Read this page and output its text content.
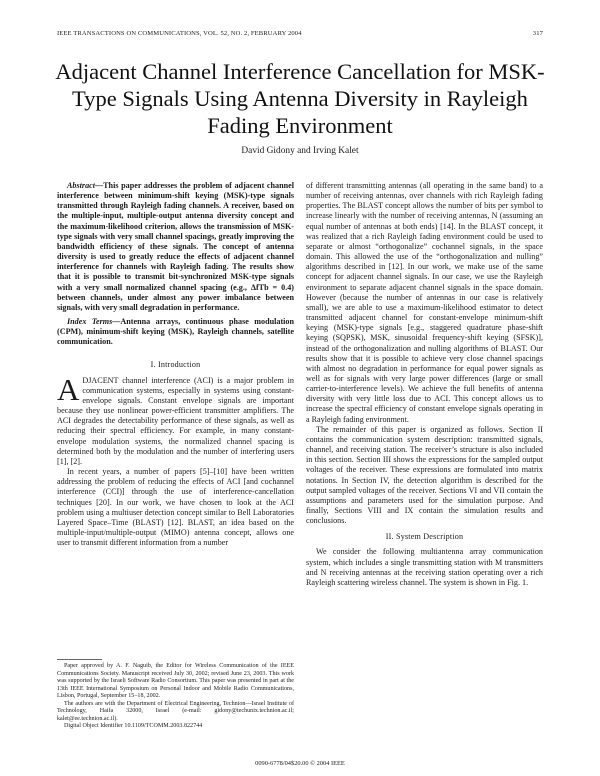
IEEE TRANSACTIONS ON COMMUNICATIONS, VOL. 52, NO. 2, FEBRUARY 2004	317
Adjacent Channel Interference Cancellation for MSK-Type Signals Using Antenna Diversity in Rayleigh Fading Environment
David Gidony and Irving Kalet

Abstract—This paper addresses the problem of adjacent channel interference between minimum-shift keying (MSK)-type signals transmitted through Rayleigh fading channels. A receiver, based on the multiple-input, multiple-output antenna diversity concept and the maximum-likelihood criterion, allows the transmission of MSK-type signals with very small channel spacings, greatly improving the bandwidth efficiency of these signals. The concept of antenna diversity is used to greatly reduce the effects of adjacent channel interference for channels with Rayleigh fading. The results show that it is possible to transmit bit-synchronized MSK-type signals with a very small normalized channel spacing (e.g., ΔfTb = 0.4) between channels, under almost any power imbalance between signals, with very small degradation in performance.

Index Terms—Antenna arrays, continuous phase modulation (CPM), minimum-shift keying (MSK), Rayleigh channels, satellite communication.

I. Introduction

ADJACENT channel interference (ACI) is a major problem in communication systems, especially in systems using constant-envelope signals. Constant envelope signals are important because they use nonlinear power-efficient transmitter amplifiers. The ACI degrades the detectability performance of these signals, as well as reducing their spectral efficiency. For example, in many constant-envelope modulation systems, the normalized channel spacing is determined both by the modulation and the number of interfering users [1], [2].

In recent years, a number of papers [5]–[10] have been written addressing the problem of reducing the effects of ACI [and cochannel interference (CCI)] through the use of interference-cancellation techniques [20]. In our work, we have chosen to look at the ACI problem using a multiuser detection concept similar to Bell Laboratories Layered Space–Time (BLAST) [12]. BLAST, an idea based on the multiple-input/multiple-output (MIMO) antenna concept, allows one user to transmit different information from a number

Paper approved by A. F. Naguib, the Editor for Wireless Communication of the IEEE Communications Society. Manuscript received July 30, 2002; revised June 23, 2003. This work was supported by the Israeli Software Radio Consortium. This paper was presented in part at the 13th IEEE International Symposium on Personal Indoor and Mobile Radio Communications, Lisbon, Portugal, September 15–18, 2002.

The authors are with the Department of Electrical Engineering, Technion—Israel Institute of Technology, Haifa 32000, Israel (e-mail: gidony@techunix.technion.ac.il; kalet@ee.technion.ac.il).

Digital Object Identifier 10.1109/TCOMM.2003.822744

of different transmitting antennas (all operating in the same band) to a number of receiving antennas, over channels with rich Rayleigh fading properties. The BLAST concept allows the number of bits per symbol to increase linearly with the number of receiving antennas, N (assuming an equal number of antennas at both ends) [14]. In the BLAST concept, it was realized that a rich Rayleigh fading environment could be used to separate or almost “orthogonalize” cochannel signals, in the space domain. This allowed the use of the “orthogonalization and nulling” algorithms described in [12]. In our work, we make use of the same concept for adjacent channel signals. In our case, we use the Rayleigh environment to separate adjacent channel signals in the space domain. However (because the number of antennas in our case is relatively small), we are able to use a maximum-likelihood estimator to detect transmitted adjacent channel for constant-envelope minimum-shift keying (MSK)-type signals [e.g., staggered quadrature phase-shift keying (SQPSK), MSK, sinusoidal frequency-shift keying (SFSK)], instead of the orthogonalization and nulling algorithms of BLAST. Our results show that it is possible to achieve very close channel spacings with almost no degradation in performance for equal power signals as well as for signals with very large power differences (large or small carrier-to-interference levels). We achieve the full benefits of antenna diversity with very little loss due to ACI. This concept allows us to increase the spectral efficiency of constant envelope signals operating in a Rayleigh fading environment.

The remainder of this paper is organized as follows. Section II contains the communication system description: transmitted signals, channel, and receiving station. The receiver’s structure is also included in this section. Section III shows the expressions for the sampled output voltages of the receiver. These expressions are formulated into matrix notations. In Section IV, the detection algorithm is described for the output sampled voltages of the receiver. Sections VI and VII contain the assumptions and parameters used for the simulation purpose. And finally, Sections VIII and IX contain the simulation results and conclusions.

II. System Description

We consider the following multiantenna array communication system, which includes a single transmitting station with M transmitters and N receiving antennas at the receiving station operating over a rich Rayleigh scattering wireless channel. The system is shown in Fig. 1.

0090-6778/04$20.00 © 2004 IEEE
